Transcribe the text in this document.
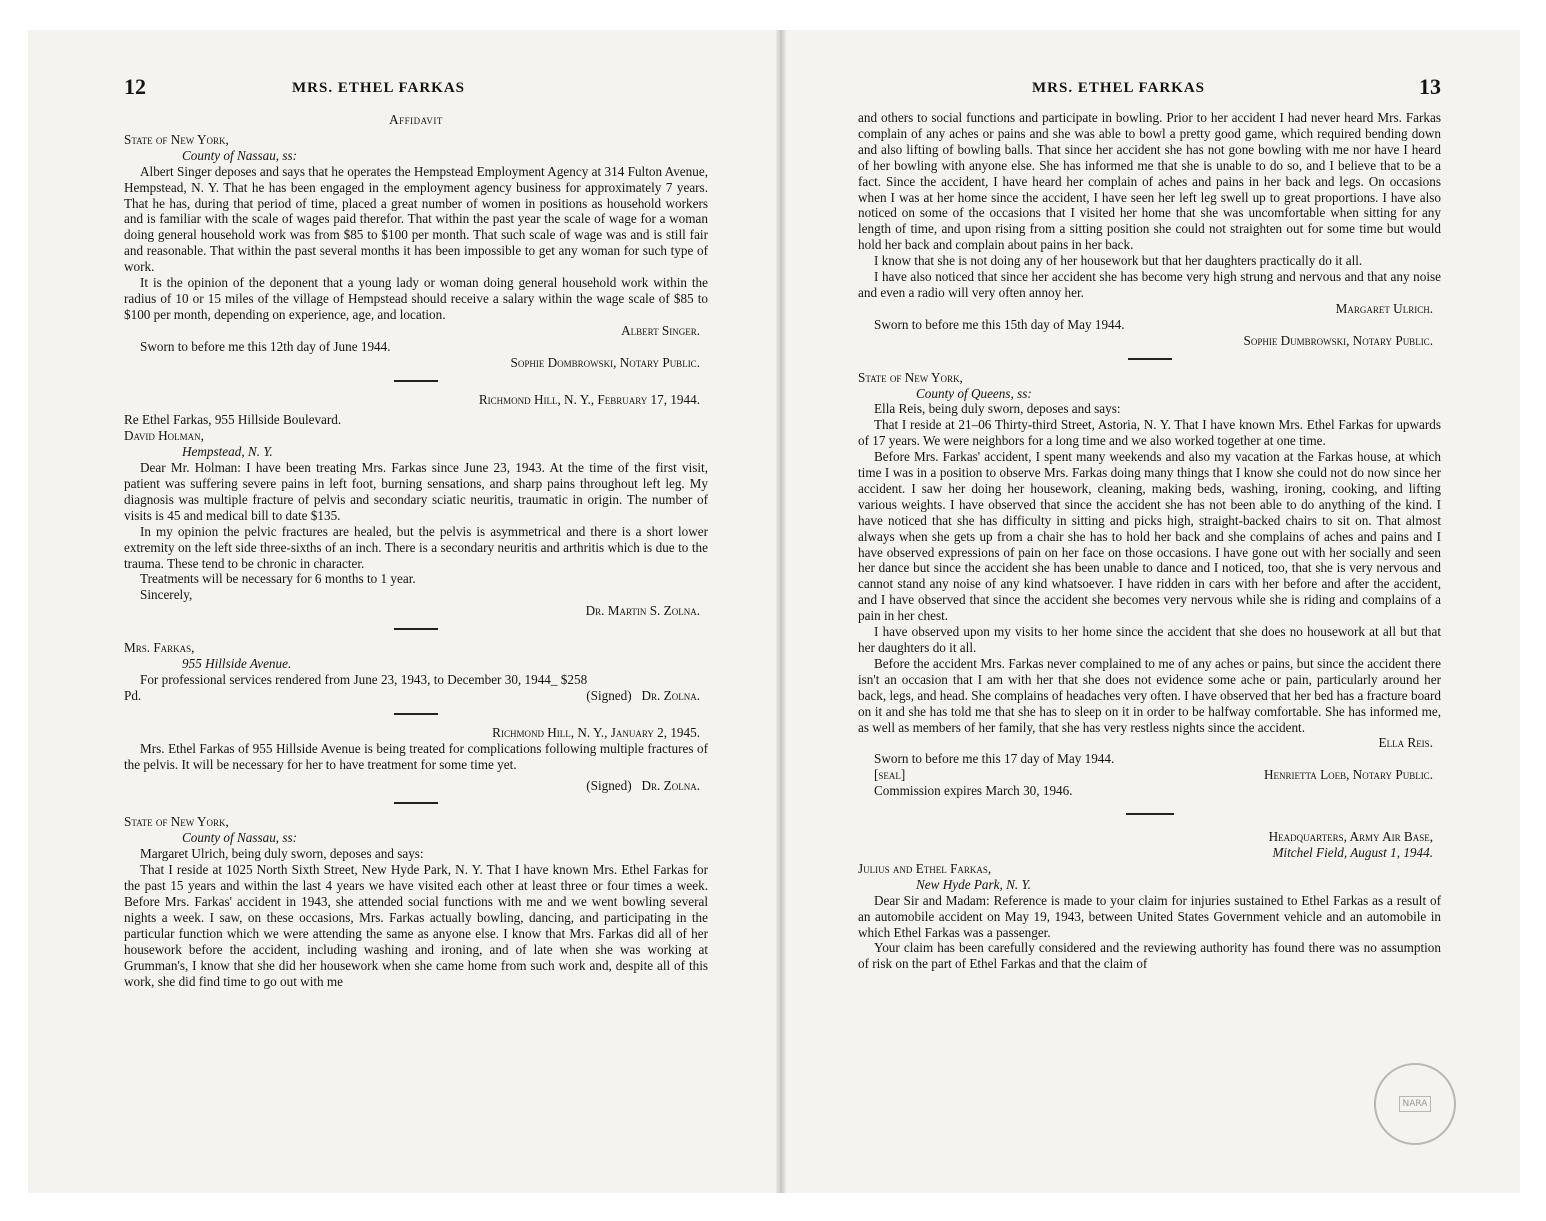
12	MRS. ETHEL FARKAS
Affidavit
State of New York,
County of Nassau, ss:

Albert Singer deposes and says that he operates the Hempstead Employment Agency at 314 Fulton Avenue, Hempstead, N. Y. That he has been engaged in the employment agency business for approximately 7 years. That he has, during that period of time, placed a great number of women in positions as household workers and is familiar with the scale of wages paid therefor. That within the past year the scale of wage for a woman doing general household work was from $85 to $100 per month. That such scale of wage was and is still fair and reasonable. That within the past several months it has been impossible to get any woman for such type of work.

It is the opinion of the deponent that a young lady or woman doing general household work within the radius of 10 or 15 miles of the village of Hempstead should receive a salary within the wage scale of $85 to $100 per month, depending on experience, age, and location.

Albert Singer.

Sworn to before me this 12th day of June 1944.

Sophie Dombrowski, Notary Public.
Richmond Hill, N. Y., February 17, 1944.

Re Ethel Farkas, 955 Hillside Boulevard.

David Holman,
Hempstead, N. Y.

Dear Mr. Holman: I have been treating Mrs. Farkas since June 23, 1943. At the time of the first visit, patient was suffering severe pains in left foot, burning sensations, and sharp pains throughout left leg. My diagnosis was multiple fracture of pelvis and secondary sciatic neuritis, traumatic in origin. The number of visits is 45 and medical bill to date $135.

In my opinion the pelvic fractures are healed, but the pelvis is asymmetrical and there is a short lower extremity on the left side three-sixths of an inch. There is a secondary neuritis and arthritis which is due to the trauma. These tend to be chronic in character.

Treatments will be necessary for 6 months to 1 year.

Sincerely,

Dr. Martin S. Zolna.
Mrs. Farkas,
955 Hillside Avenue.

For professional services rendered from June 23, 1943, to December 30, 1944_ $258

Pd.	(Signed) Dr. Zolna.
Richmond Hill, N. Y., January 2, 1945.

Mrs. Ethel Farkas of 955 Hillside Avenue is being treated for complications following multiple fractures of the pelvis. It will be necessary for her to have treatment for some time yet.

(Signed) Dr. Zolna.
State of New York,
County of Nassau, ss:

Margaret Ulrich, being duly sworn, deposes and says:

That I reside at 1025 North Sixth Street, New Hyde Park, N. Y. That I have known Mrs. Ethel Farkas for the past 15 years and within the last 4 years we have visited each other at least three or four times a week. Before Mrs. Farkas' accident in 1943, she attended social functions with me and we went bowling several nights a week. I saw, on these occasions, Mrs. Farkas actually bowling, dancing, and participating in the particular function which we were attending the same as anyone else. I know that Mrs. Farkas did all of her housework before the accident, including washing and ironing, and of late when she was working at Grumman's, I know that she did her housework when she came home from such work and, despite all of this work, she did find time to go out with me

MRS. ETHEL FARKAS	13

and others to social functions and participate in bowling. Prior to her accident I had never heard Mrs. Farkas complain of any aches or pains and she was able to bowl a pretty good game, which required bending down and also lifting of bowling balls. That since her accident she has not gone bowling with me nor have I heard of her bowling with anyone else. She has informed me that she is unable to do so, and I believe that to be a fact. Since the accident, I have heard her complain of aches and pains in her back and legs. On occasions when I was at her home since the accident, I have seen her left leg swell up to great proportions. I have also noticed on some of the occasions that I visited her home that she was uncomfortable when sitting for any length of time, and upon rising from a sitting position she could not straighten out for some time but would hold her back and complain about pains in her back.

I know that she is not doing any of her housework but that her daughters practically do it all.

I have also noticed that since her accident she has become very high strung and nervous and that any noise and even a radio will very often annoy her.

Margaret Ulrich.

Sworn to before me this 15th day of May 1944.

Sophie Dumbrowski, Notary Public.
State of New York,
County of Queens, ss:

Ella Reis, being duly sworn, deposes and says:

That I reside at 21–06 Thirty-third Street, Astoria, N. Y. That I have known Mrs. Ethel Farkas for upwards of 17 years. We were neighbors for a long time and we also worked together at one time.

Before Mrs. Farkas' accident, I spent many weekends and also my vacation at the Farkas house, at which time I was in a position to observe Mrs. Farkas doing many things that I know she could not do now since her accident. I saw her doing her housework, cleaning, making beds, washing, ironing, cooking, and lifting various weights. I have observed that since the accident she has not been able to do anything of the kind. I have noticed that she has difficulty in sitting and picks high, straight-backed chairs to sit on. That almost always when she gets up from a chair she has to hold her back and she complains of aches and pains and I have observed expressions of pain on her face on those occasions. I have gone out with her socially and seen her dance but since the accident she has been unable to dance and I noticed, too, that she is very nervous and cannot stand any noise of any kind whatsoever. I have ridden in cars with her before and after the accident, and I have observed that since the accident she becomes very nervous while she is riding and complains of a pain in her chest.

I have observed upon my visits to her home since the accident that she does no housework at all but that her daughters do it all.

Before the accident Mrs. Farkas never complained to me of any aches or pains, but since the accident there isn't an occasion that I am with her that she does not evidence some ache or pain, particularly around her back, legs, and head. She complains of headaches very often. I have observed that her bed has a fracture board on it and she has told me that she has to sleep on it in order to be halfway comfortable. She has informed me, as well as members of her family, that she has very restless nights since the accident.

Ella Reis.

Sworn to before me this 17 day of May 1944.

[seal]	Henrietta Loeb, Notary Public.

Commission expires March 30, 1946.

Headquarters, Army Air Base,
Mitchel Field, August 1, 1944.
Julius and Ethel Farkas,
New Hyde Park, N. Y.

Dear Sir and Madam: Reference is made to your claim for injuries sustained to Ethel Farkas as a result of an automobile accident on May 19, 1943, between United States Government vehicle and an automobile in which Ethel Farkas was a passenger.

Your claim has been carefully considered and the reviewing authority has found there was no assumption of risk on the part of Ethel Farkas and that the claim of

NARA
